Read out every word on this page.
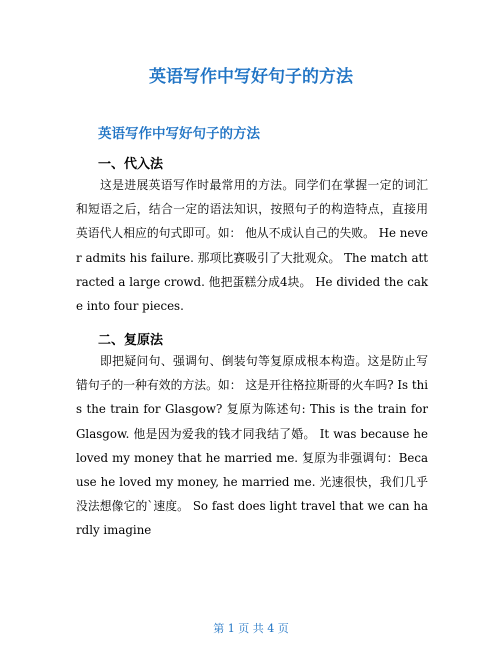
英语写作中写好句子的方法
英语写作中写好句子的方法
一、代入法
这是进展英语写作时最常用的方法。同学们在掌握一定的词汇和短语之后，结合一定的语法知识，按照句子的构造特点，直接用英语代人相应的句式即可。如： 他从不成认自己的失败。 He never admits his failure. 那项比赛吸引了大批观众。 The match attracted a large crowd. 他把蛋糕分成4块。 He divided the cake into four pieces.
二、复原法
即把疑问句、强调句、倒装句等复原成根本构造。这是防止写错句子的一种有效的方法。如： 这是开往格拉斯哥的火车吗? Is this the train for Glasgow? 复原为陈述句: This is the train for Glasgow. 他是因为爱我的钱才同我结了婚。 It was because he loved my money that he married me. 复原为非强调句：Because he loved my money, he married me. 光速很快，我们几乎没法想像它的`速度。 So fast does light travel that we can hardly imagine
第 1 页 共 4 页
